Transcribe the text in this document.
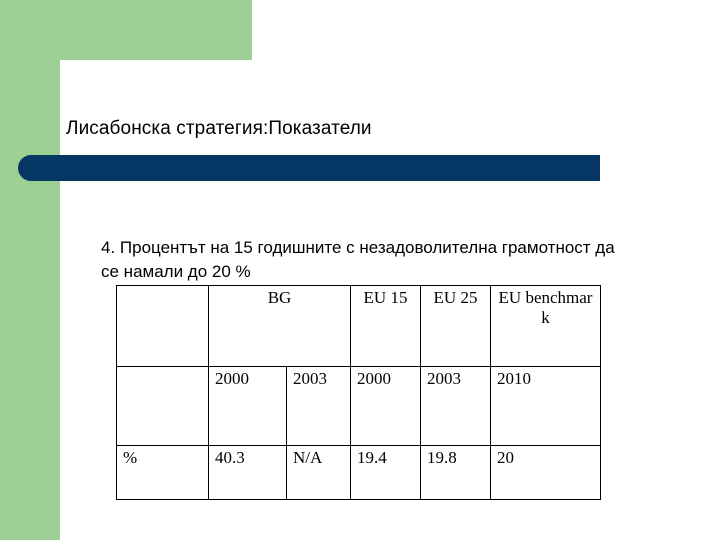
Лисабонска стратегия:Показатели
4. Процентът на 15 годишните с незадоволителна грамотност да се намали до 20 %
	BG		EU 15	EU 25	EU benchmar k
	2000	2003	2000	2003	2010
%	40.3	N/A	19.4	19.8	20
